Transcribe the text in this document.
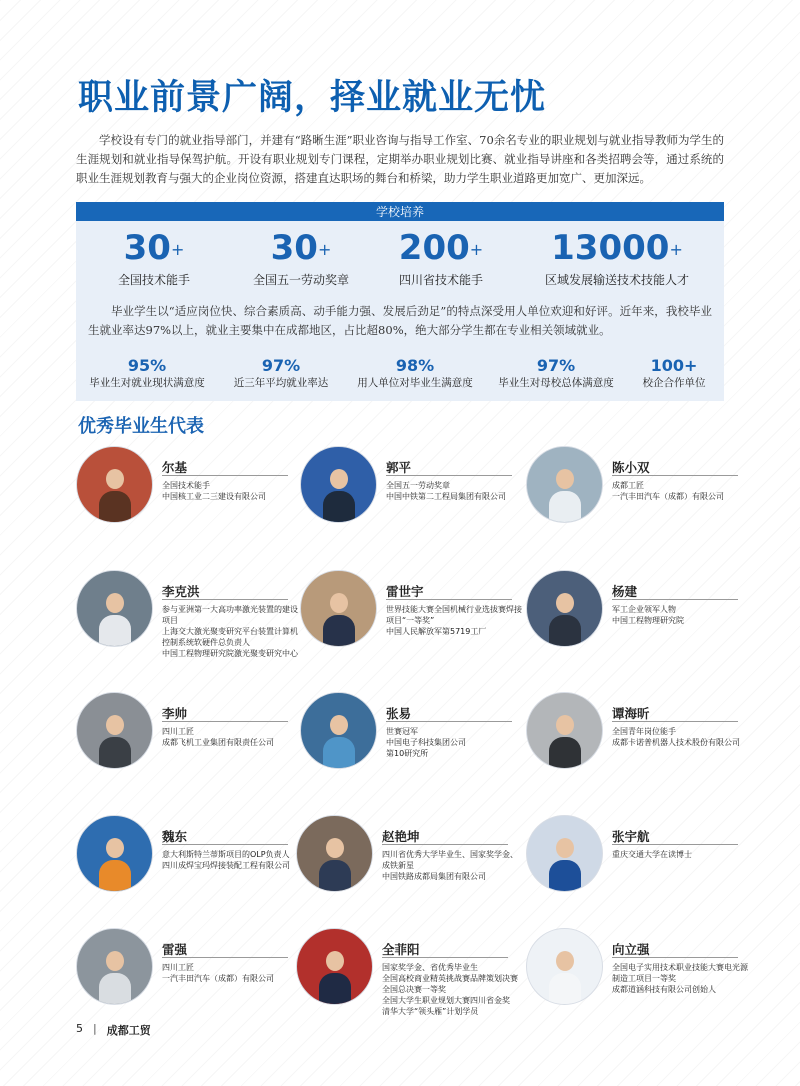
职业前景广阔，择业就业无忧

学校设有专门的就业指导部门，并建有“路晰生涯”职业咨询与指导工作室、70余名专业的职业规划与就业指导教师为学生的生涯规划和就业指导保驾护航。开设有职业规划专门课程，定期举办职业规划比赛、就业指导讲座和各类招聘会等，通过系统的职业生涯规划教育与强大的企业岗位资源，搭建直达职场的舞台和桥梁，助力学生职业道路更加宽广、更加深远。

学校培养
30+
全国技术能手
30+
全国五一劳动奖章
200+
四川省技术能手
13000+
区域发展输送技术技能人才

毕业学生以“适应岗位快、综合素质高、动手能力强、发展后劲足”的特点深受用人单位欢迎和好评。近年来，我校毕业生就业率达97%以上，就业主要集中在成都地区，占比超80%，绝大部分学生都在专业相关领域就业。

95%
毕业生对就业现状满意度
97%
近三年平均就业率达
98%
用人单位对毕业生满意度
97%
毕业生对母校总体满意度
100+
校企合作单位
优秀毕业生代表
尔基

全国技术能手
中国核工业二三建设有限公司

郭平

全国五一劳动奖章
中国中铁第二工程局集团有限公司

陈小双

成都工匠
一汽丰田汽车（成都）有限公司

李克洪

参与亚洲第一大高功率激光装置的建设项目
上海交大激光聚变研究平台装置计算机控制系统软硬件总负责人
中国工程物理研究院激光聚变研究中心

雷世宇

世界技能大赛全国机械行业选拔赛焊接项目“一等奖”
中国人民解放军第5719工厂

杨建

军工企业领军人物
中国工程物理研究院

李帅

四川工匠
成都飞机工业集团有限责任公司

张易

世赛冠军
中国电子科技集团公司
第10研究所

谭海昕

全国青年岗位能手
成都卡诺普机器人技术股份有限公司

魏东

意大利斯特兰蒂斯项目的OLP负责人
四川成焊宝玛焊接装配工程有限公司

赵艳坤

四川省优秀大学毕业生、国家奖学金、成铁新星
中国铁路成都局集团有限公司

张宇航

重庆交通大学在读博士

雷强

四川工匠
一汽丰田汽车（成都）有限公司

全菲阳

国家奖学金、省优秀毕业生
全国高校商业精英挑战赛品牌策划决赛全国总决赛一等奖
全国大学生职业规划大赛四川省金奖
清华大学“领头雁”计划学员

向立强

全国电子实用技术职业技能大赛电光源制造工项目一等奖
成都道涵科技有限公司创始人

5 | 成都工贸
